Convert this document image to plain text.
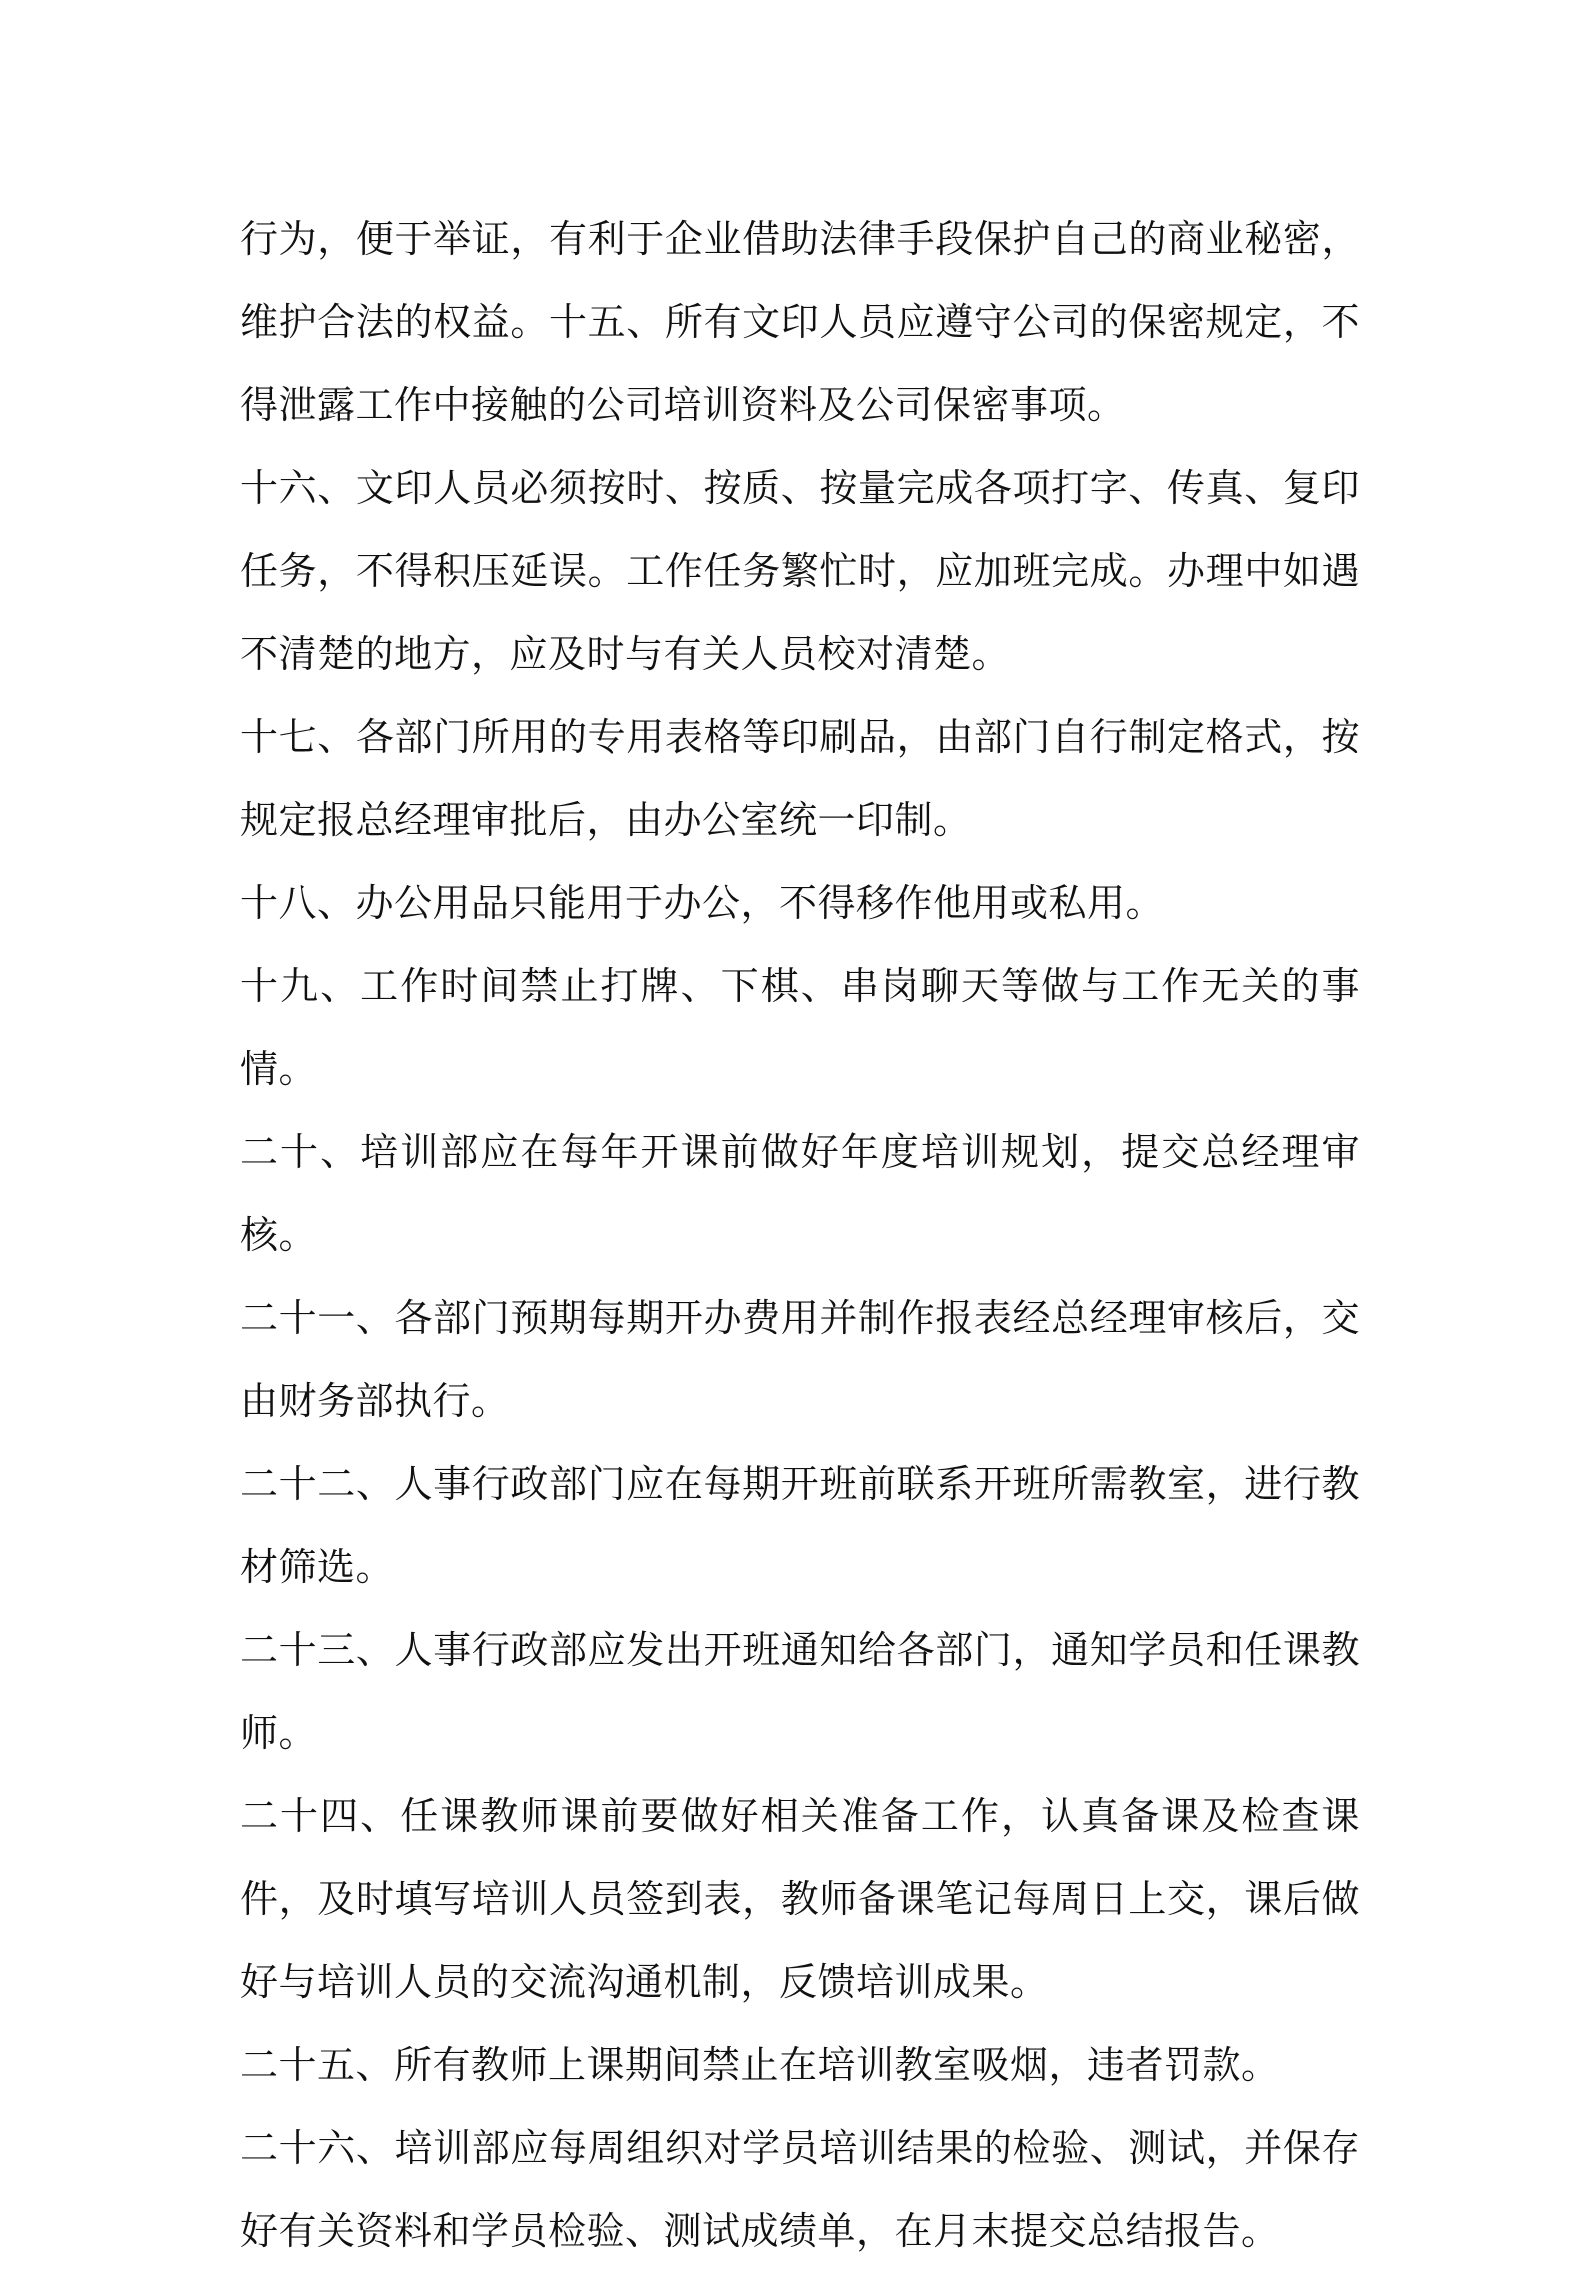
行为，便于举证，有利于企业借助法律手段保护自己的商业秘密，维护合法的权益。十五、所有文印人员应遵守公司的保密规定，不得泄露工作中接触的公司培训资料及公司保密事项。

十六、文印人员必须按时、按质、按量完成各项打字、传真、复印任务，不得积压延误。工作任务繁忙时，应加班完成。办理中如遇不清楚的地方，应及时与有关人员校对清楚。

十七、各部门所用的专用表格等印刷品，由部门自行制定格式，按规定报总经理审批后，由办公室统一印制。

十八、办公用品只能用于办公，不得移作他用或私用。

十九、工作时间禁止打牌、下棋、串岗聊天等做与工作无关的事情。

二十、培训部应在每年开课前做好年度培训规划，提交总经理审核。

二十一、各部门预期每期开办费用并制作报表经总经理审核后，交由财务部执行。

二十二、人事行政部门应在每期开班前联系开班所需教室，进行教材筛选。

二十三、人事行政部应发出开班通知给各部门，通知学员和任课教师。

二十四、任课教师课前要做好相关准备工作，认真备课及检查课件，及时填写培训人员签到表，教师备课笔记每周日上交，课后做好与培训人员的交流沟通机制，反馈培训成果。

二十五、所有教师上课期间禁止在培训教室吸烟，违者罚款。

二十六、培训部应每周组织对学员培训结果的检验、测试，并保存好有关资料和学员检验、测试成绩单，在月末提交总结报告。
